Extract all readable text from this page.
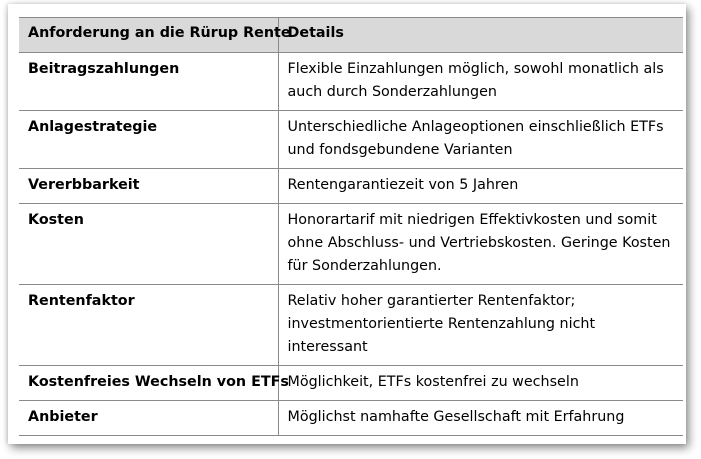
Anforderung an die Rürup Rente	Details
Beitragszahlungen	Flexible Einzahlungen möglich, sowohl monatlich als auch durch Sonderzahlungen
Anlagestrategie	Unterschiedliche Anlageoptionen einschließlich ETFs und fondsgebundene Varianten
Vererbbarkeit	Rentengarantiezeit von 5 Jahren
Kosten	Honorartarif mit niedrigen Effektivkosten und somit ohne Abschluss- und Vertriebskosten. Geringe Kosten für Sonderzahlungen.
Rentenfaktor	Relativ hoher garantierter Rentenfaktor; investmentorientierte Rentenzahlung nicht interessant
Kostenfreies Wechseln von ETFs	Möglichkeit, ETFs kostenfrei zu wechseln
Anbieter	Möglichst namhafte Gesellschaft mit Erfahrung
